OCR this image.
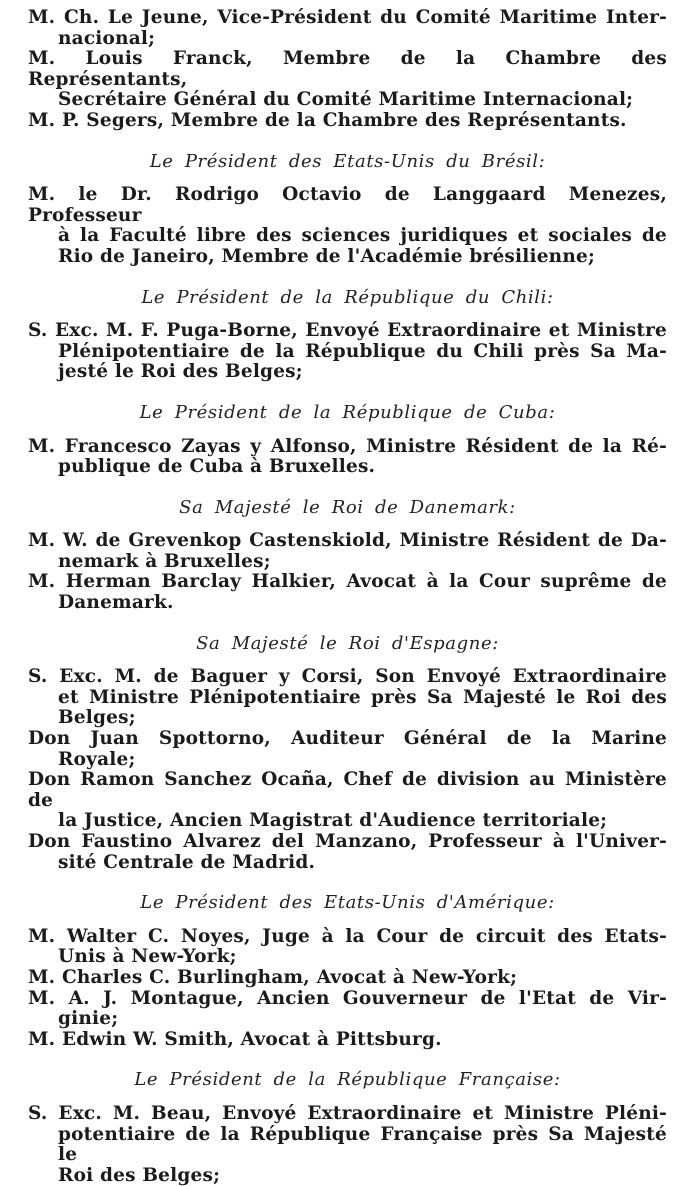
M. Ch. Le Jeune, Vice-Président du Comité Maritime Inter-
nacional;
M. Louis Franck, Membre de la Chambre des Représentants,
Secrétaire Général du Comité Maritime Internacional;
M. P. Segers, Membre de la Chambre des Représentants.
Le Président des Etats-Unis du Brésil:
M. le Dr. Rodrigo Octavio de Langgaard Menezes, Professeur
à la Faculté libre des sciences juridiques et sociales de
Rio de Janeiro, Membre de l'Académie brésilienne;
Le Président de la République du Chili:
S. Exc. M. F. Puga-Borne, Envoyé Extraordinaire et Ministre
Plénipotentiaire de la République du Chili près Sa Ma-
jesté le Roi des Belges;
Le Président de la République de Cuba:
M. Francesco Zayas y Alfonso, Ministre Résident de la Ré-
publique de Cuba à Bruxelles.
Sa Majesté le Roi de Danemark:
M. W. de Grevenkop Castenskiold, Ministre Résident de Da-
nemark à Bruxelles;
M. Herman Barclay Halkier, Avocat à la Cour suprême de
Danemark.
Sa Majesté le Roi d'Espagne:
S. Exc. M. de Baguer y Corsi, Son Envoyé Extraordinaire
et Ministre Plénipotentiaire près Sa Majesté le Roi des
Belges;
Don Juan Spottorno, Auditeur Général de la Marine
Royale;
Don Ramon Sanchez Ocaña, Chef de division au Ministère de
la Justice, Ancien Magistrat d'Audience territoriale;
Don Faustino Alvarez del Manzano, Professeur à l'Univer-
sité Centrale de Madrid.
Le Président des Etats-Unis d'Amérique:
M. Walter C. Noyes, Juge à la Cour de circuit des Etats-
Unis à New-York;
M. Charles C. Burlingham, Avocat à New-York;
M. A. J. Montague, Ancien Gouverneur de l'Etat de Vir-
ginie;
M. Edwin W. Smith, Avocat à Pittsburg.
Le Président de la République Française:
S. Exc. M. Beau, Envoyé Extraordinaire et Ministre Pléni-
potentiaire de la République Française près Sa Majesté le
Roi des Belges;
